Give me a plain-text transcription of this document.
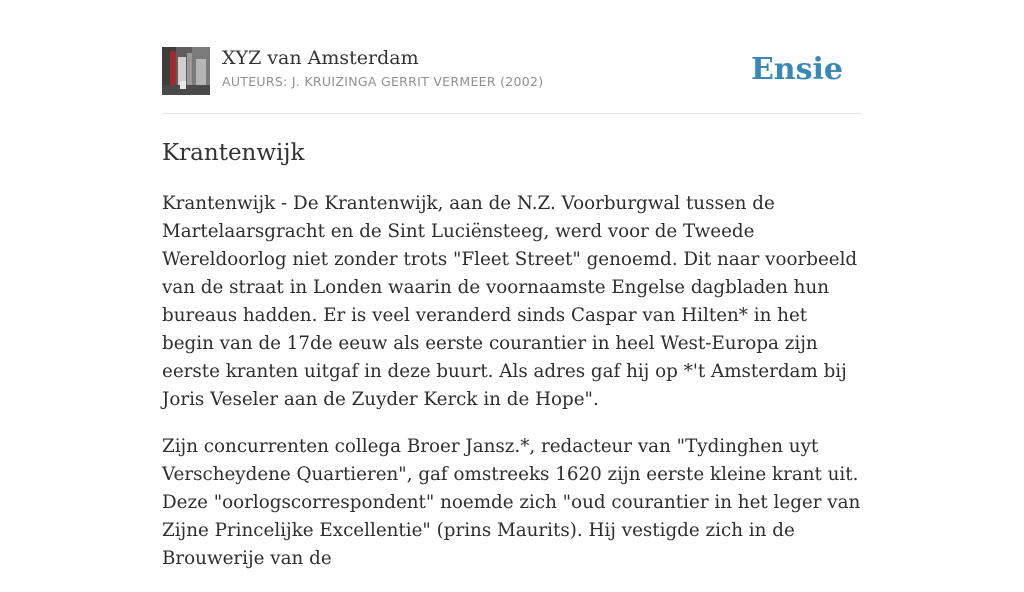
XYZ van Amsterdam
AUTEURS: J. KRUIZINGA GERRIT VERMEER (2002)	Ensie
Krantenwijk

Krantenwijk - De Krantenwijk, aan de N.Z. Voorburgwal tussen de Martelaarsgracht en de Sint Luciënsteeg, werd voor de Tweede Wereldoorlog niet zonder trots "Fleet Street" genoemd. Dit naar voorbeeld van de straat in Londen waarin de voornaamste Engelse dagbladen hun bureaus hadden. Er is veel veranderd sinds Caspar van Hilten* in het begin van de 17de eeuw als eerste courantier in heel West-Europa zijn eerste kranten uitgaf in deze buurt. Als adres gaf hij op *'t Amsterdam bij Joris Veseler aan de Zuyder Kerck in de Hope".

Zijn concurrenten collega Broer Jansz.*, redacteur van "Tydinghen uyt Verscheydene Quartieren", gaf omstreeks 1620 zijn eerste kleine krant uit. Deze "oorlogscorrespondent" noemde zich "oud courantier in het leger van Zijne Princelijke Excellentie" (prins Maurits). Hij vestigde zich in de Brouwerije van de
